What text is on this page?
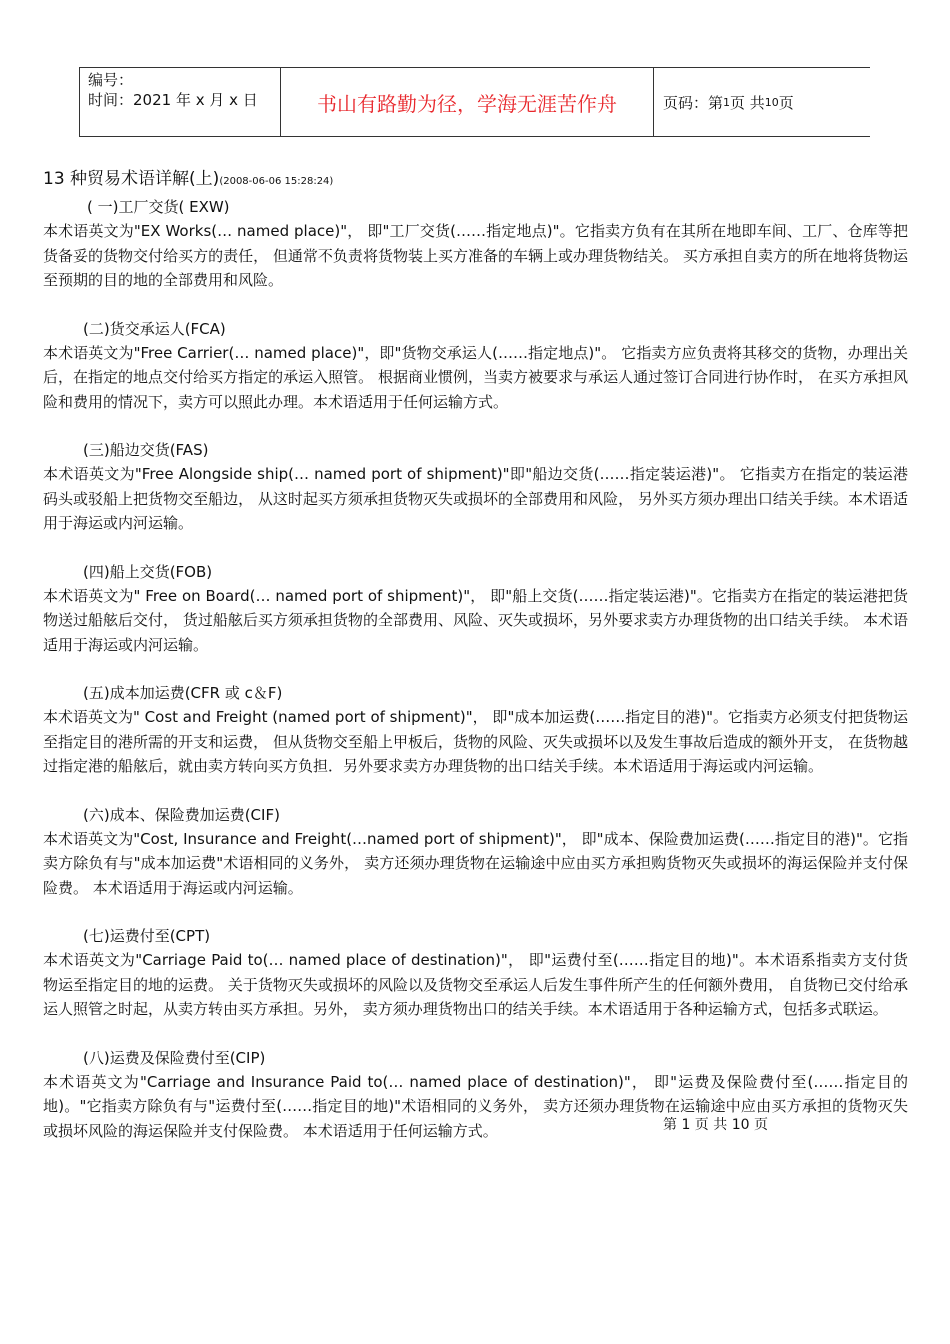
编号：
时间：2021 年 x 月 x 日	书山有路勤为径，学海无涯苦作舟	页码：第 1 页 共 10 页
13 种贸易术语详解(上)(2008-06-06 15:28:24)
( 一)工厂交货( EXW)
本术语英文为"EX Works(… named place)"， 即"工厂交货(……指定地点)"。它指卖方负有在其所在地即车间、工厂、仓库等把货备妥的货物交付给买方的责任， 但通常不负责将货物装上买方准备的车辆上或办理货物结关。 买方承担自卖方的所在地将货物运至预期的目的地的全部费用和风险。
(二)货交承运人(FCA)
本术语英文为"Free Carrier(… named place)"，即"货物交承运人(……指定地点)"。 它指卖方应负责将其移交的货物，办理出关后，在指定的地点交付给买方指定的承运入照管。 根据商业惯例，当卖方被要求与承运人通过签订合同进行协作时， 在买方承担风险和费用的情况下，卖方可以照此办理。本术语适用于任何运输方式。
(三)船边交货(FAS)
本术语英文为"Free Alongside ship(… named port of shipment)"即"船边交货(……指定装运港)"。 它指卖方在指定的装运港码头或驳船上把货物交至船边， 从这时起买方须承担货物灭失或损坏的全部费用和风险， 另外买方须办理出口结关手续。本术语适用于海运或内河运输。
(四)船上交货(FOB)
本术语英文为" Free on Board(… named port of shipment)"， 即"船上交货(……指定装运港)"。它指卖方在指定的装运港把货物送过船舷后交付， 货过船舷后买方须承担货物的全部费用、风险、灭失或损坏，另外要求卖方办理货物的出口结关手续。 本术语适用于海运或内河运输。
(五)成本加运费(CFR 或 c＆F)
本术语英文为" Cost and Freight (named port of shipment)"， 即"成本加运费(……指定目的港)"。它指卖方必须支付把货物运至指定目的港所需的开支和运费， 但从货物交至船上甲板后，货物的风险、灭失或损坏以及发生事故后造成的额外开支， 在货物越过指定港的船舷后，就由卖方转向买方负担．另外要求卖方办理货物的出口结关手续。本术语适用于海运或内河运输。
(六)成本、保险费加运费(CIF)
本术语英文为"Cost, Insurance and Freight(…named port of shipment)"， 即"成本、保险费加运费(……指定目的港)"。它指卖方除负有与"成本加运费"术语相同的义务外， 卖方还须办理货物在运输途中应由买方承担购货物灭失或损坏的海运保险并支付保险费。 本术语适用于海运或内河运输。
(七)运费付至(CPT)
本术语英文为"Carriage Paid to(… named place of destination)"， 即"运费付至(……指定目的地)"。本术语系指卖方支付货物运至指定目的地的运费。 关于货物灭失或损坏的风险以及货物交至承运人后发生事件所产生的任何额外费用， 自货物已交付给承运人照管之时起，从卖方转由买方承担。另外， 卖方须办理货物出口的结关手续。本术语适用于各种运输方式，包括多式联运。
(八)运费及保险费付至(CIP)
本术语英文为"Carriage and Insurance Paid to(… named place of destination)"， 即"运费及保险费付至(……指定目的地)。"它指卖方除负有与"运费付至(……指定目的地)"术语相同的义务外， 卖方还须办理货物在运输途中应由买方承担的货物灭失或损坏风险的海运保险并支付保险费。 本术语适用于任何运输方式。	第 1 页 共 10 页
